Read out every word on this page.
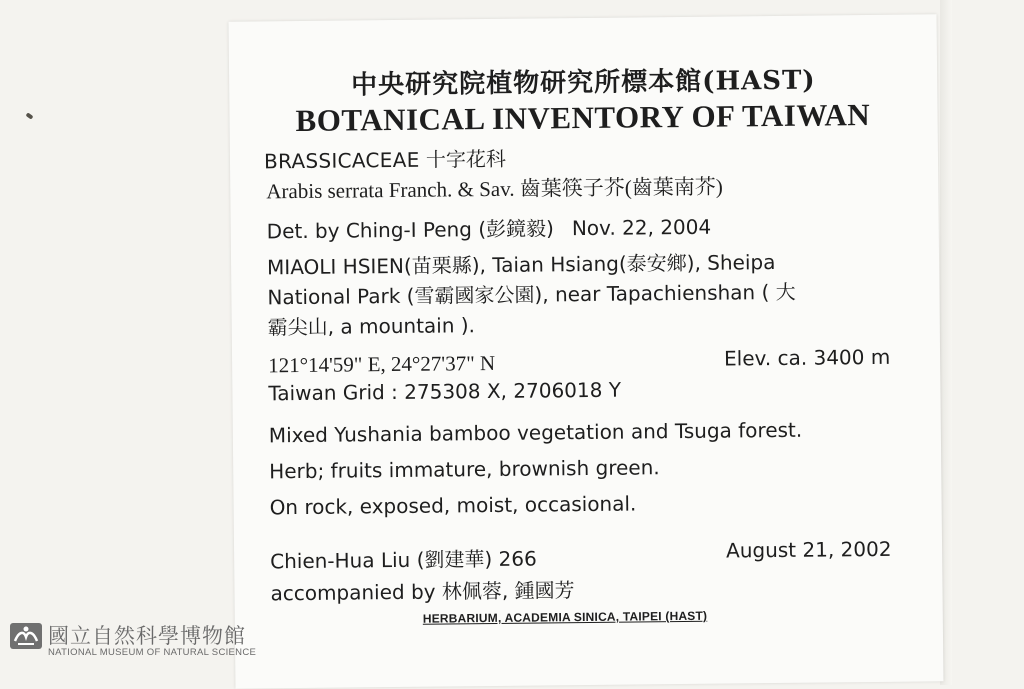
中央研究院植物研究所標本館(HAST)
BOTANICAL INVENTORY OF TAIWAN
BRASSICACEAE 十字花科
Arabis serrata Franch. & Sav. 齒葉筷子芥(齒葉南芥)
Det. by Ching-I Peng (彭鏡毅) Nov. 22, 2004
MIAOLI HSIEN(苗栗縣), Taian Hsiang(泰安鄉), Sheipa
National Park (雪霸國家公園), near Tapachienshan ( 大
霸尖山, a mountain ).
121°14'59" E, 24°27'37" N	Elev. ca. 3400 m
Taiwan Grid : 275308 X, 2706018 Y
Mixed Yushania bamboo vegetation and Tsuga forest.
Herb; fruits immature, brownish green.
On rock, exposed, moist, occasional.
Chien-Hua Liu (劉建華) 266	August 21, 2002
accompanied by 林佩蓉, 鍾國芳
HERBARIUM, ACADEMIA SINICA, TAIPEI (HAST)
國立自然科學博物館
NATIONAL MUSEUM OF NATURAL SCIENCE
